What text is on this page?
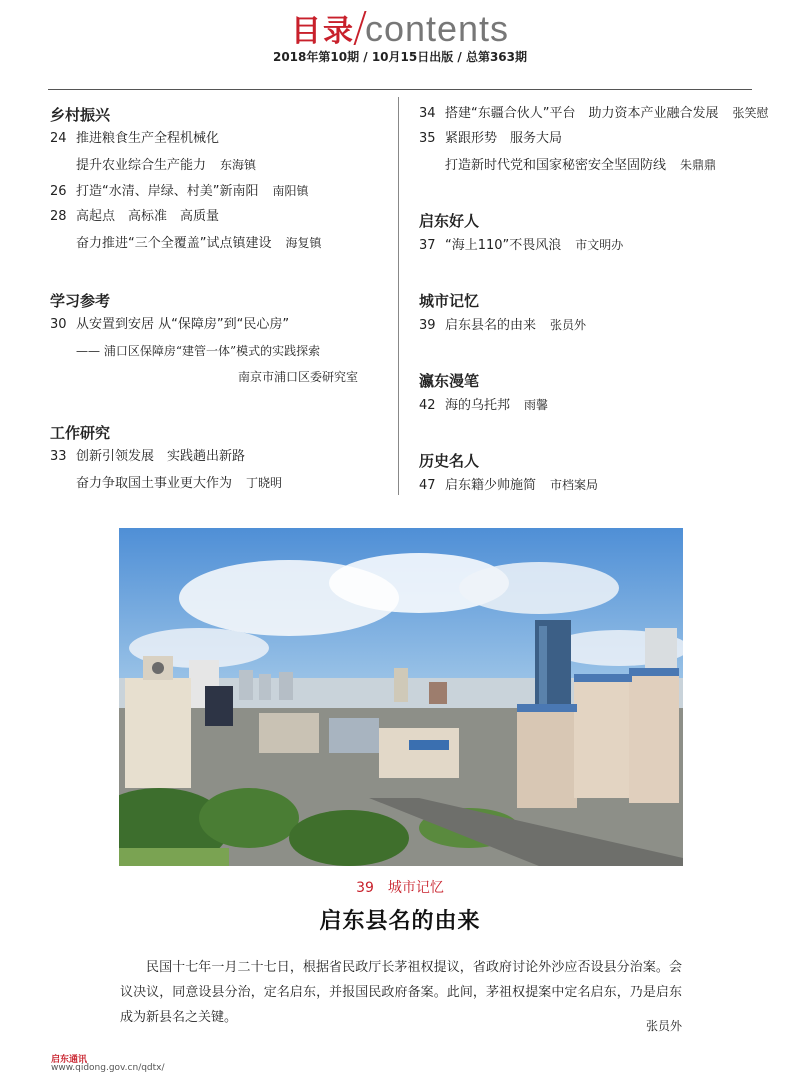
目录 contents
2018年第10期 / 10月15日出版 / 总第363期
乡村振兴
24 推进粮食生产全程机械化
提升农业综合生产能力 东海镇
26 打造“水清、岸绿、村美”新南阳 南阳镇
28 高起点　高标准　高质量
奋力推进“三个全覆盖”试点镇建设 海复镇
学习参考
30 从安置到安居 从“保障房”到“民心房”
—— 浦口区保障房“建管一体”模式的实践探索
南京市浦口区委研究室
工作研究
33 创新引领发展　实践趟出新路
奋力争取国土事业更大作为 丁晓明
34 搭建“东疆合伙人”平台　助力资本产业融合发展 张笑慰
35 紧跟形势　服务大局
打造新时代党和国家秘密安全坚固防线 朱鼎鼎
启东好人
37 “海上110”不畏风浪 市文明办
城市记忆
39 启东县名的由来 张员外
瀛东漫笔
42 海的乌托邦 雨馨
历史名人
47 启东籍少帅施简 市档案局
39　城市记忆
启东县名的由来
民国十七年一月二十七日，根据省民政厅长茅祖权提议，省政府讨论外沙应否设县分治案。会议决议，同意设县分治，定名启东，并报国民政府备案。此间，茅祖权提案中定名启东，乃是启东成为新县名之关键。
张员外
启东通讯
www.qidong.gov.cn/qdtx/
